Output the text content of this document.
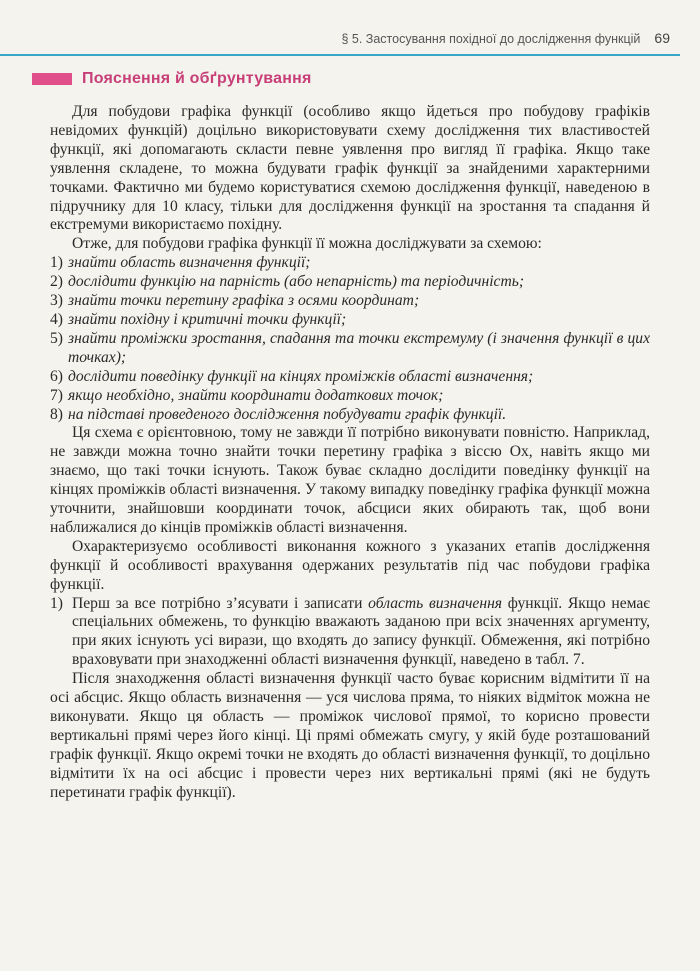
§ 5. Застосування похідної до дослідження функцій 69
Пояснення й обґрунтування

Для побудови графіка функції (особливо якщо йдеться про побудову графіків невідомих функцій) доцільно використовувати схему дослідження тих властивостей функції, які допомагають скласти певне уявлення про вигляд її графіка. Якщо таке уявлення складене, то можна будувати графік функції за знайденими характерними точками. Фактично ми будемо користуватися схемою дослідження функції, наведеною в підручнику для 10 класу, тільки для дослідження функції на зростання та спадання й екстремуми використаємо похідну.

Отже, для побудови графіка функції її можна досліджувати за схемою:

1) знайти область визначення функції;
2) дослідити функцію на парність (або непарність) та періодичність;
3) знайти точки перетину графіка з осями координат;
4) знайти похідну і критичні точки функції;
5) знайти проміжки зростання, спадання та точки екстремуму (і значення функції в цих точках);
6) дослідити поведінку функції на кінцях проміжків області визначення;
7) якщо необхідно, знайти координати додаткових точок;
8) на підставі проведеного дослідження побудувати графік функції.

Ця схема є орієнтовною, тому не завжди її потрібно виконувати повністю. Наприклад, не завжди можна точно знайти точки перетину графіка з віссю Ox, навіть якщо ми знаємо, що такі точки існують. Також буває складно дослідити поведінку функції на кінцях проміжків області визначення. У такому випадку поведінку графіка функції можна уточнити, знайшовши координати точок, абсциси яких обирають так, щоб вони наближалися до кінців проміжків області визначення.

Охарактеризуємо особливості виконання кожного з указаних етапів дослідження функції й особливості врахування одержаних результатів під час побудови графіка функції.

1) Перш за все потрібно з’ясувати і записати область визначення функції. Якщо немає спеціальних обмежень, то функцію вважають заданою при всіх значеннях аргументу, при яких існують усі вирази, що входять до запису функції. Обмеження, які потрібно враховувати при знаходженні області визначення функції, наведено в табл. 7.

Після знаходження області визначення функції часто буває корисним відмітити її на осі абсцис. Якщо область визначення — уся числова пряма, то ніяких відміток можна не виконувати. Якщо ця область — проміжок числової прямої, то корисно провести вертикальні прямі через його кінці. Ці прямі обмежать смугу, у якій буде розташований графік функції. Якщо окремі точки не входять до області визначення функції, то доцільно відмітити їх на осі абсцис і провести через них вертикальні прямі (які не будуть перетинати графік функції).
